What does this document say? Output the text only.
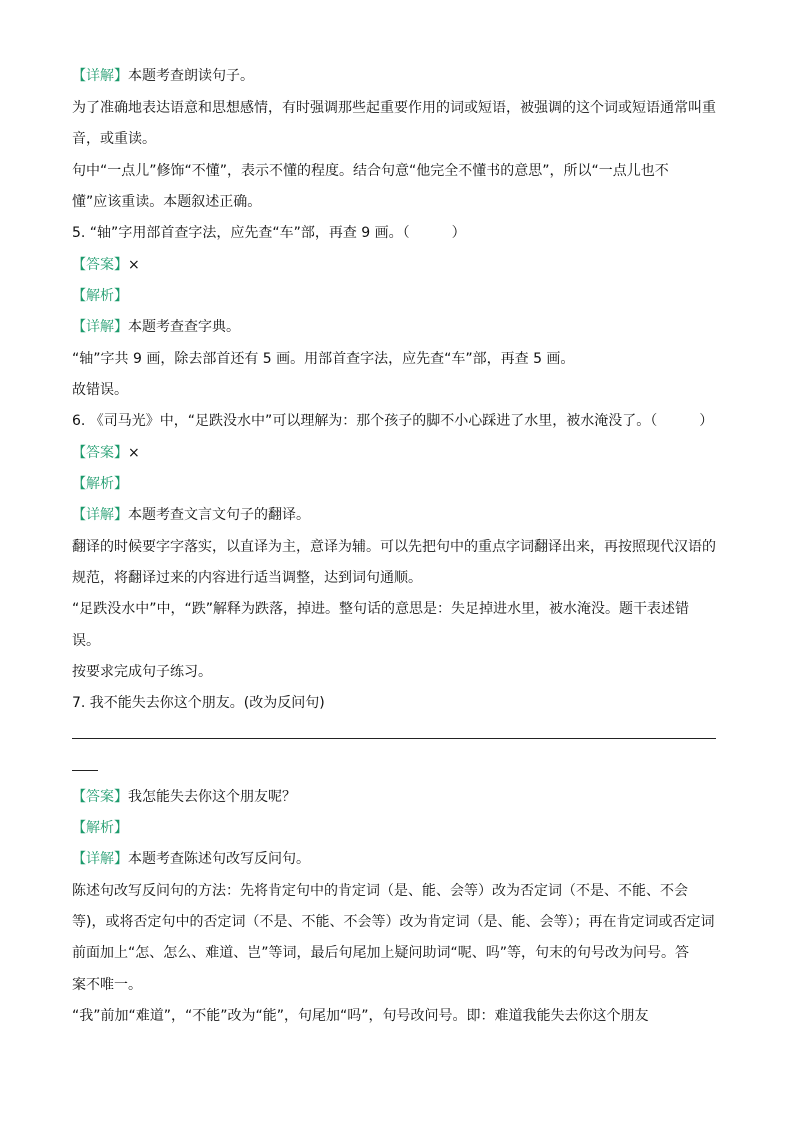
【详解】本题考查朗读句子。
为了准确地表达语意和思想感情，有时强调那些起重要作用的词或短语，被强调的这个词或短语通常叫重
音，或重读。
句中“一点儿”修饰“不懂”，表示不懂的程度。结合句意“他完全不懂书的意思”，所以“一点儿也不
懂”应该重读。本题叙述正确。
5. “轴”字用部首查字法，应先查“车”部，再查 9 画。（　　　）
【答案】×
【解析】
【详解】本题考查查字典。
“轴”字共 9 画，除去部首还有 5 画。用部首查字法，应先查“车”部，再查 5 画。
故错误。
6. 《司马光》中，“足跌没水中”可以理解为：那个孩子的脚不小心踩进了水里，被水淹没了。（　　　）
【答案】×
【解析】
【详解】本题考查文言文句子的翻译。
翻译的时候要字字落实，以直译为主，意译为辅。可以先把句中的重点字词翻译出来，再按照现代汉语的
规范，将翻译过来的内容进行适当调整，达到词句通顺。
“足跌没水中”中，“跌”解释为跌落，掉进。整句话的意思是：失足掉进水里，被水淹没。题干表述错
误。
按要求完成句子练习。
7. 我不能失去你这个朋友。(改为反问句)
【答案】我怎能失去你这个朋友呢？
【解析】
【详解】本题考查陈述句改写反问句。
陈述句改写反问句的方法：先将肯定句中的肯定词（是、能、会等）改为否定词（不是、不能、不会
等)，或将否定句中的否定词（不是、不能、不会等）改为肯定词（是、能、会等）；再在肯定词或否定词
前面加上“怎、怎么、难道、岂”等词，最后句尾加上疑问助词“呢、吗”等，句末的句号改为问号。答
案不唯一。
“我”前加“难道”，“不能”改为“能”，句尾加“吗”，句号改问号。即：难道我能失去你这个朋友
